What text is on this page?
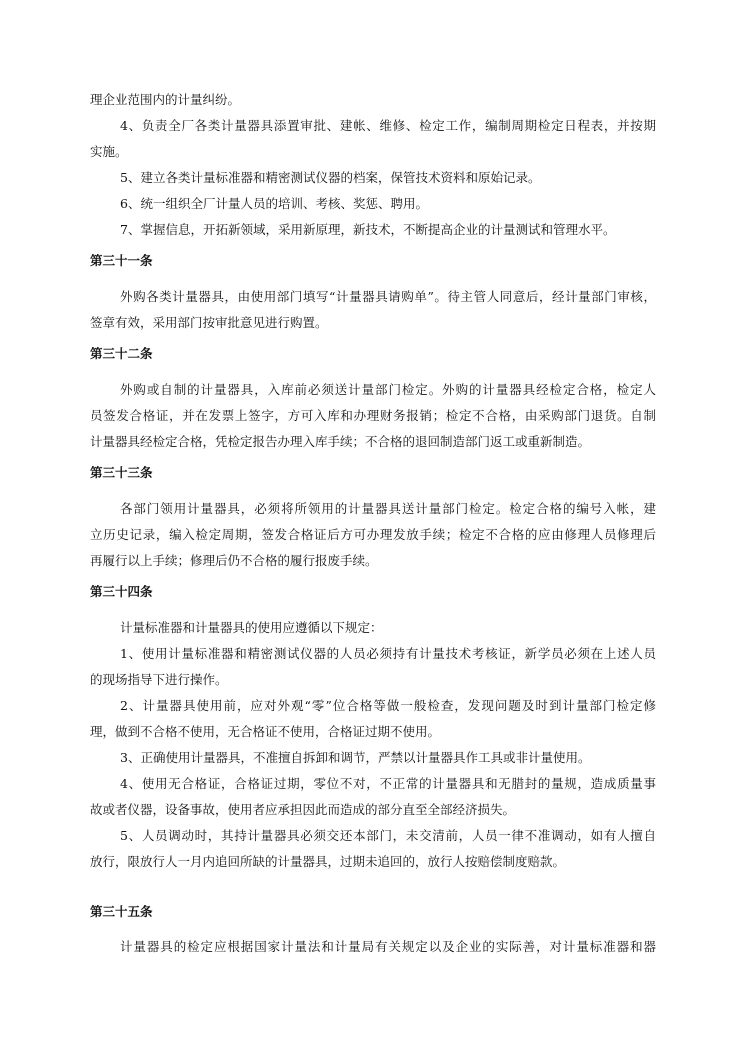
理企业范围内的计量纠纷。
4、负责全厂各类计量器具添置审批、建帐、维修、检定工作，编制周期检定日程表，并按期
实施。
5、建立各类计量标准器和精密测试仪器的档案，保管技术资料和原始记录。
6、统一组织全厂计量人员的培训、考核、奖惩、聘用。
7、掌握信息，开拓新领域，采用新原理，新技术，不断提高企业的计量测试和管理水平。
第三十一条
外购各类计量器具，由使用部门填写“计量器具请购单”。待主管人同意后，经计量部门审核，
签章有效，采用部门按审批意见进行购置。
第三十二条
外购或自制的计量器具，入库前必须送计量部门检定。外购的计量器具经检定合格，检定人
员签发合格证，并在发票上签字，方可入库和办理财务报销；检定不合格，由采购部门退货。自制
计量器具经检定合格，凭检定报告办理入库手续；不合格的退回制造部门返工或重新制造。
第三十三条
各部门领用计量器具，必须将所领用的计量器具送计量部门检定。检定合格的编号入帐，建
立历史记录，编入检定周期，签发合格证后方可办理发放手续；检定不合格的应由修理人员修理后
再履行以上手续；修理后仍不合格的履行报废手续。
第三十四条
计量标准器和计量器具的使用应遵循以下规定：
1、使用计量标准器和精密测试仪器的人员必须持有计量技术考核证，新学员必须在上述人员
的现场指导下进行操作。
2、计量器具使用前，应对外观“零”位合格等做一般检查，发现问题及时到计量部门检定修
理，做到不合格不使用，无合格证不使用，合格证过期不使用。
3、正确使用计量器具，不准擅自拆卸和调节，严禁以计量器具作工具或非计量使用。
4、使用无合格证，合格证过期，零位不对，不正常的计量器具和无腊封的量规，造成质量事
故或者仪器，设备事故，使用者应承担因此而造成的部分直至全部经济损失。
5、人员调动时，其持计量器具必须交还本部门，未交清前，人员一律不准调动，如有人擅自
放行，限放行人一月内追回所缺的计量器具，过期未追回的，放行人按赔偿制度赔款。
第三十五条
计量器具的检定应根据国家计量法和计量局有关规定以及企业的实际善，对计量标准器和器
